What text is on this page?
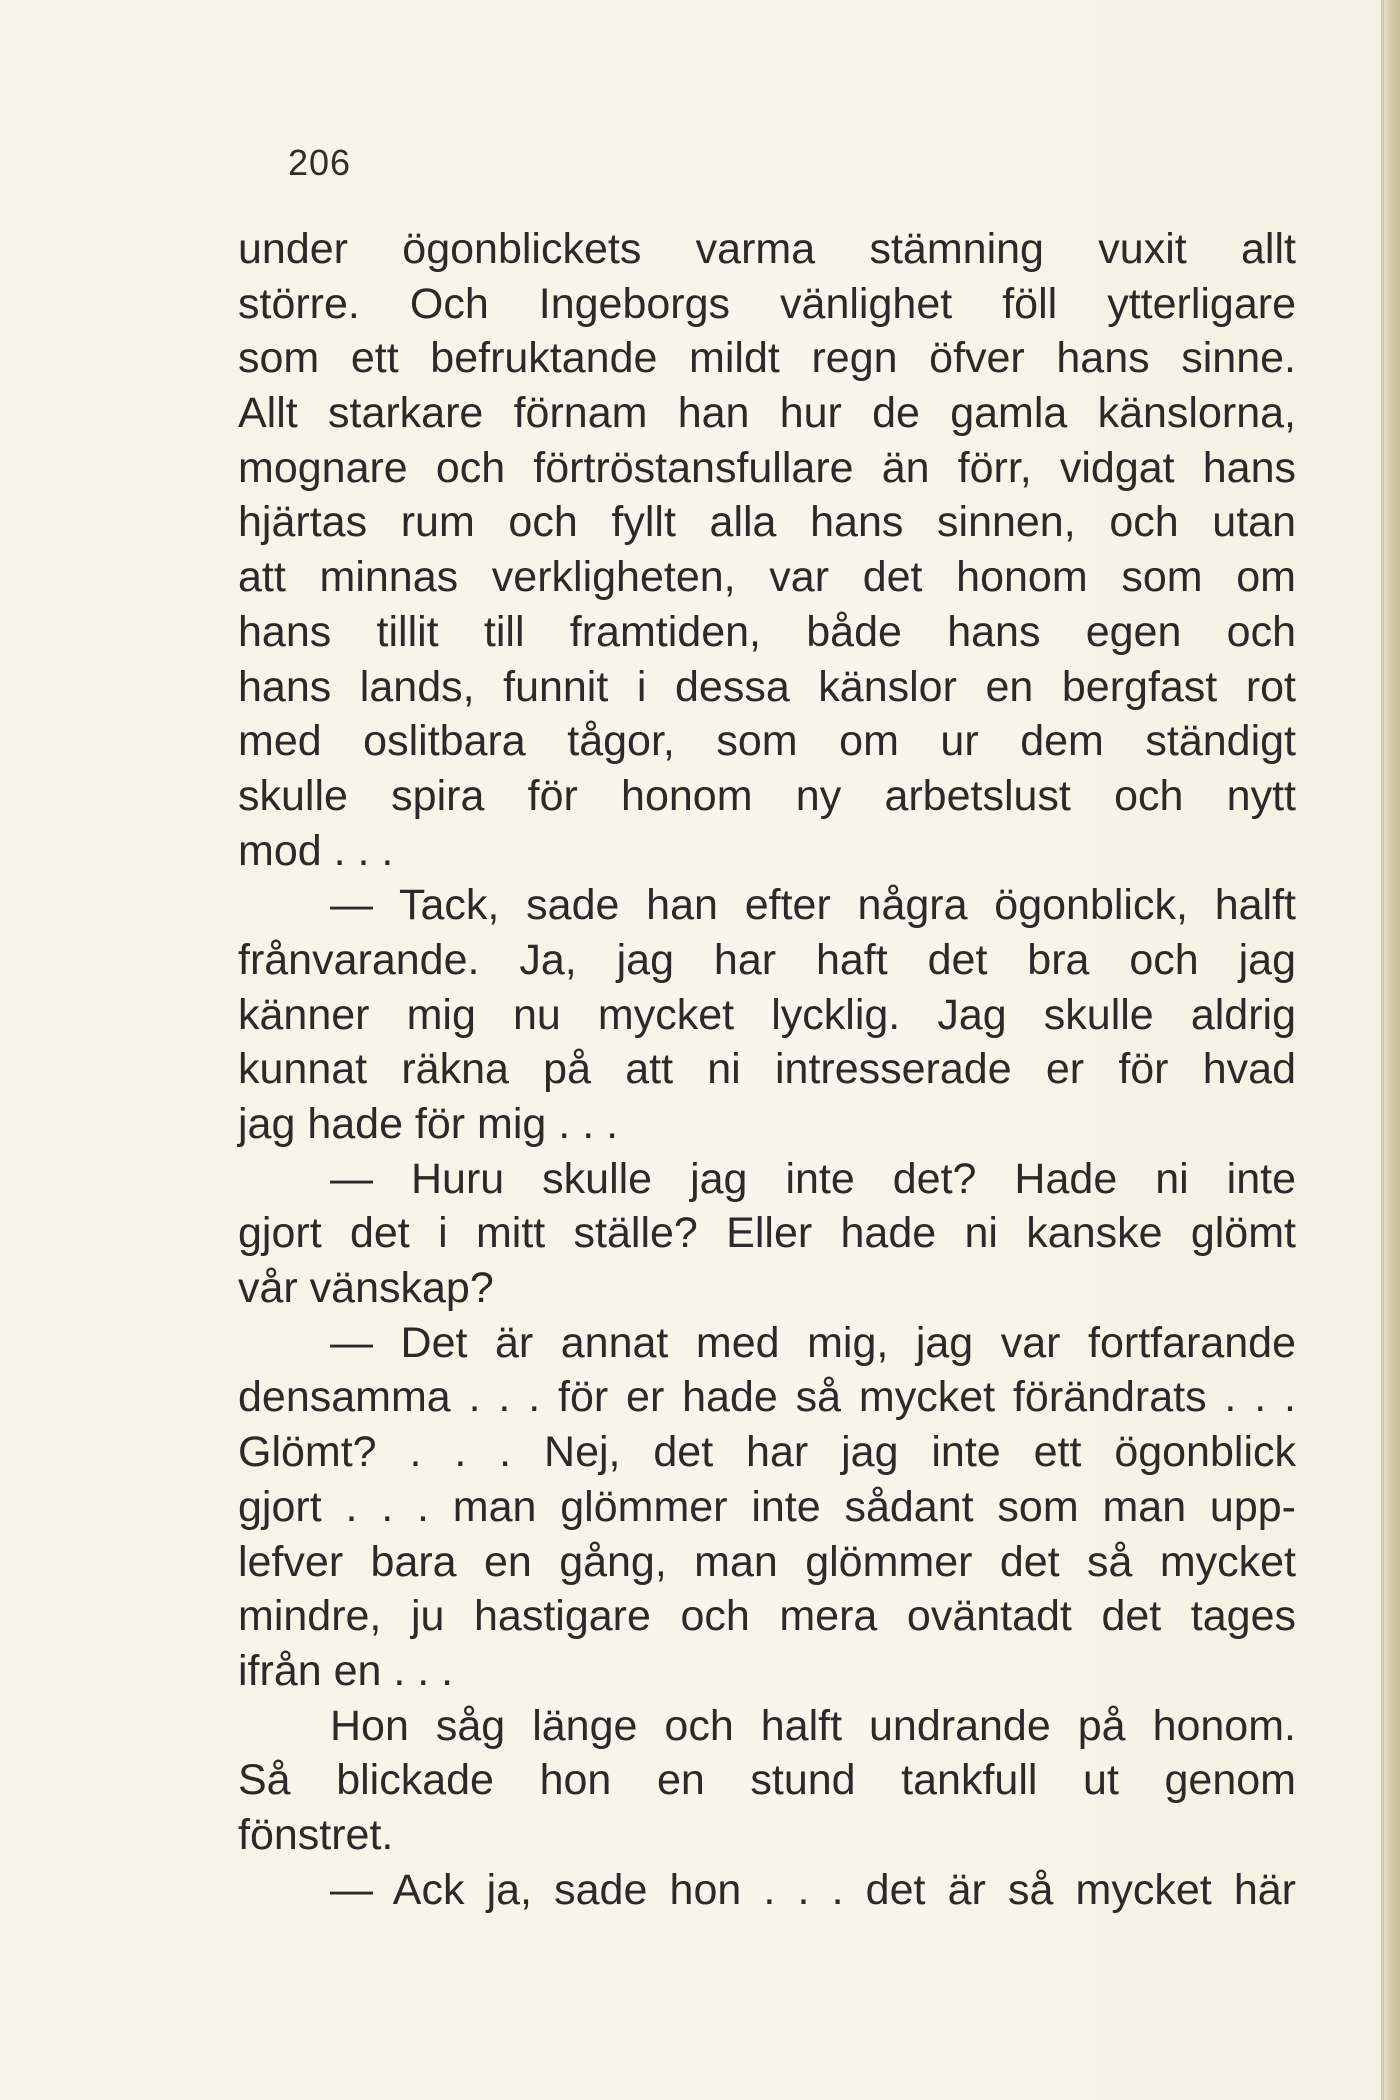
206
under ögonblickets varma stämning vuxit allt
större. Och Ingeborgs vänlighet föll ytterligare
som ett befruktande mildt regn öfver hans sinne.
Allt starkare förnam han hur de gamla känslorna,
mognare och förtröstansfullare än förr, vidgat hans
hjärtas rum och fyllt alla hans sinnen, och utan
att minnas verkligheten, var det honom som om
hans tillit till framtiden, både hans egen och
hans lands, funnit i dessa känslor en bergfast rot
med oslitbara tågor, som om ur dem ständigt
skulle spira för honom ny arbetslust och nytt
mod . . .
— Tack, sade han efter några ögonblick, halft
frånvarande. Ja, jag har haft det bra och jag
känner mig nu mycket lycklig. Jag skulle aldrig
kunnat räkna på att ni intresserade er för hvad
jag hade för mig . . .
— Huru skulle jag inte det? Hade ni inte
gjort det i mitt ställe? Eller hade ni kanske glömt
vår vänskap?
— Det är annat med mig, jag var fortfarande
densamma . . . för er hade så mycket förändrats . . .
Glömt? . . . Nej, det har jag inte ett ögonblick
gjort . . . man glömmer inte sådant som man upp-
lefver bara en gång, man glömmer det så mycket
mindre, ju hastigare och mera oväntadt det tages
ifrån en . . .
Hon såg länge och halft undrande på honom.
Så blickade hon en stund tankfull ut genom
fönstret.
— Ack ja, sade hon . . . det är så mycket här
